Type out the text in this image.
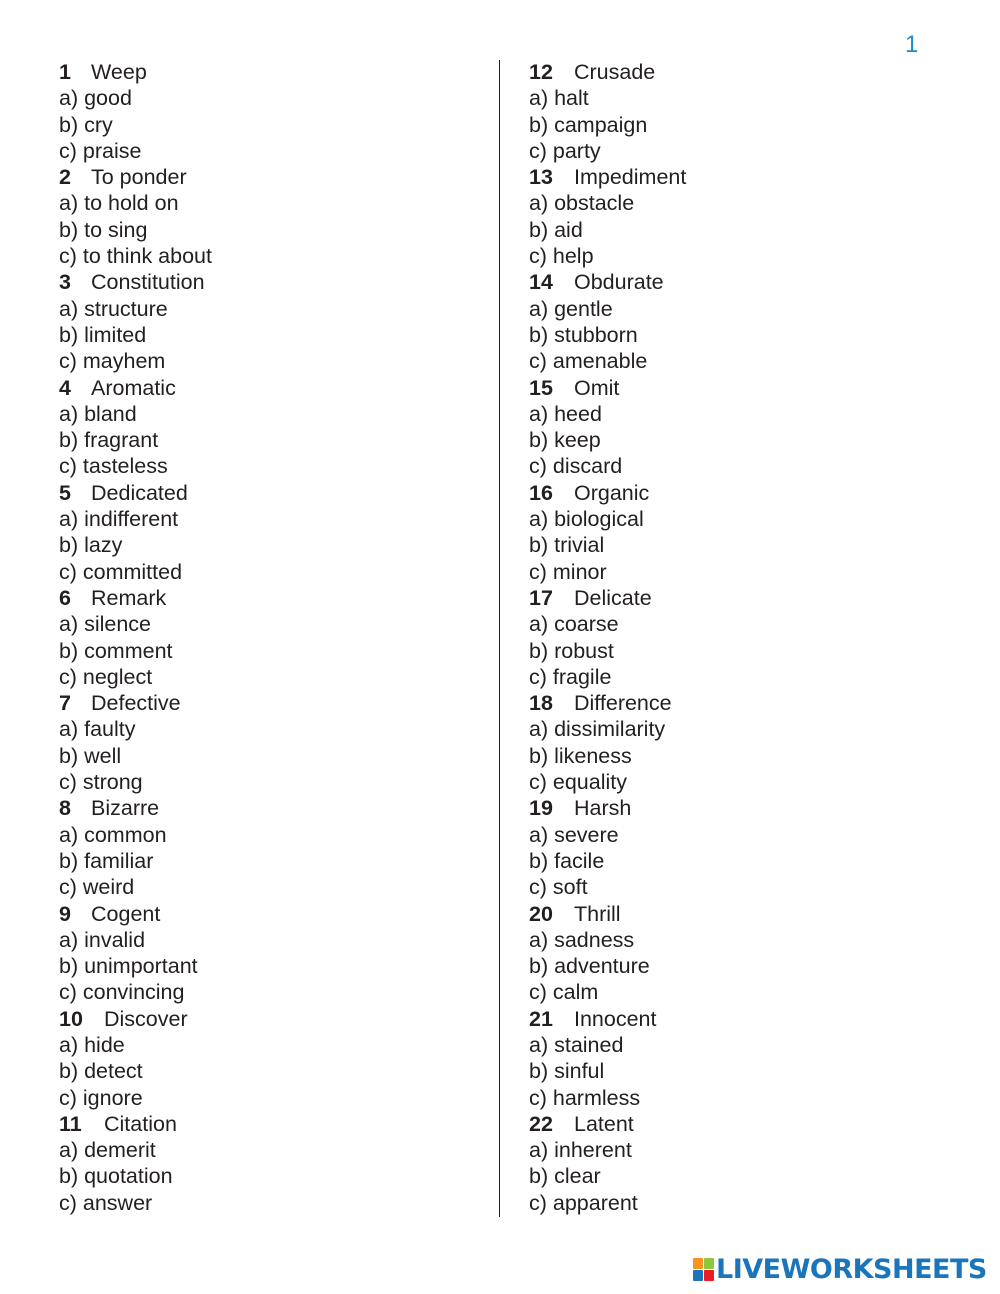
1
1 Weep
a) good
b) cry
c) praise
2 To ponder
a) to hold on
b) to sing
c) to think about
3 Constitution
a) structure
b) limited
c) mayhem
4 Aromatic
a) bland
b) fragrant
c) tasteless
5 Dedicated
a) indifferent
b) lazy
c) committed
6 Remark
a) silence
b) comment
c) neglect
7 Defective
a) faulty
b) well
c) strong
8 Bizarre
a) common
b) familiar
c) weird
9 Cogent
a) invalid
b) unimportant
c) convincing
10 Discover
a) hide
b) detect
c) ignore
11 Citation
a) demerit
b) quotation
c) answer
12 Crusade
a) halt
b) campaign
c) party
13 Impediment
a) obstacle
b) aid
c) help
14 Obdurate
a) gentle
b) stubborn
c) amenable
15 Omit
a) heed
b) keep
c) discard
16 Organic
a) biological
b) trivial
c) minor
17 Delicate
a) coarse
b) robust
c) fragile
18 Difference
a) dissimilarity
b) likeness
c) equality
19 Harsh
a) severe
b) facile
c) soft
20 Thrill
a) sadness
b) adventure
c) calm
21 Innocent
a) stained
b) sinful
c) harmless
22 Latent
a) inherent
b) clear
c) apparent
LIVEWORKSHEETS
